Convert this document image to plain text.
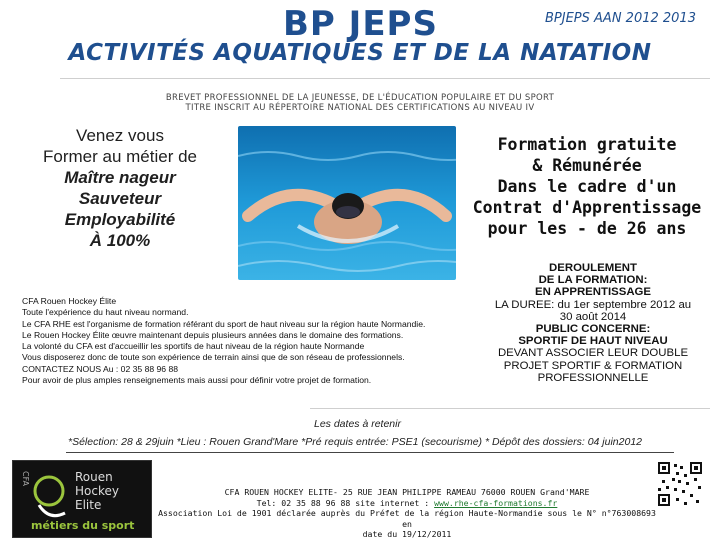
BP JEPS	BPJEPS AAN 2012 2013
ACTIVITÉS AQUATIQUES ET DE LA NATATION
BREVET PROFESSIONNEL DE LA JEUNESSE, DE L'ÉDUCATION POPULAIRE ET DU SPORT
TITRE INSCRIT AU RÉPERTOIRE NATIONAL DES CERTIFICATIONS AU NIVEAU IV
Venez vous
Former au métier de
Maître nageur
Sauveteur
Employabilité
À 100%
Formation gratuite
& Rémunérée
Dans le cadre d'un
Contrat d'Apprentissage
pour les - de 26 ans
CFA Rouen Hockey Élite
Toute l'expérience du haut niveau normand.
Le CFA RHE est l'organisme de formation référant du sport de haut niveau sur la région haute Normandie.
Le Rouen Hockey Élite œuvre maintenant depuis plusieurs années dans le domaine des formations.
La volonté du CFA est d'accueillir les sportifs de haut niveau de la région haute Normande
Vous disposerez donc de toute son expérience de terrain ainsi que de son réseau de professionnels.
CONTACTEZ NOUS Au : 02 35 88 96 88
Pour avoir de plus amples renseignements mais aussi pour définir votre projet de formation.
DEROULEMENT
DE LA FORMATION:
EN APPRENTISSAGE
LA DUREE: du 1er septembre 2012 au
30 août 2014
PUBLIC CONCERNE:
SPORTIF DE HAUT NIVEAU
DEVANT ASSOCIER LEUR DOUBLE
PROJET SPORTIF & FORMATION
PROFESSIONNELLE
Les dates à retenir
*Sélection: 28 & 29juin *Lieu : Rouen Grand'Mare *Pré requis entrée: PSE1 (secourisme) * Dépôt des dossiers: 04 juin2012
CFA	Rouen
Hockey
Elite
métiers du sport
CFA ROUEN HOCKEY ELITE- 25 RUE JEAN PHILIPPE RAMEAU 76000 ROUEN Grand'MARE
Tel: 02 35 88 96 88 site internet : www.rhe-cfa-formations.fr
Association Loi de 1901 déclarée auprès du Préfet de la région Haute-Normandie sous le N° n°763008693 en
date du 19/12/2011
